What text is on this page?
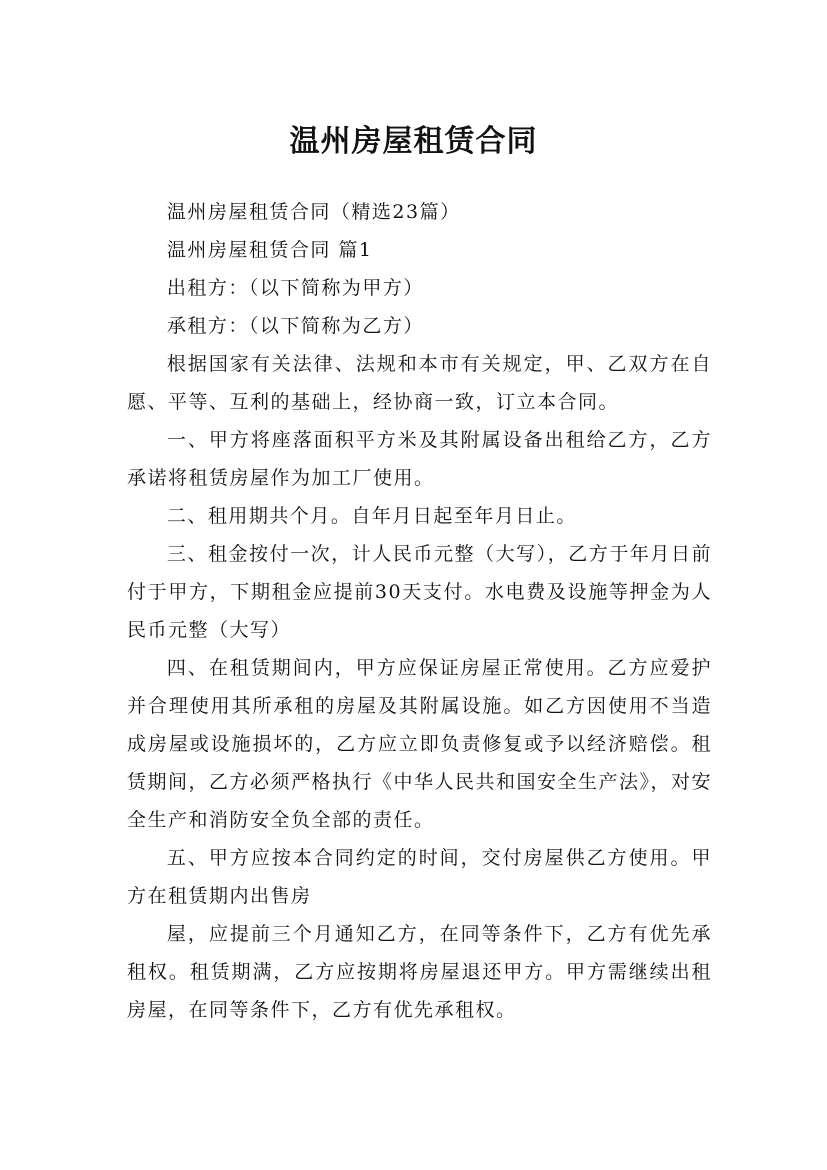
温州房屋租赁合同

温州房屋租赁合同（精选23篇）

温州房屋租赁合同 篇1

出租方：（以下简称为甲方）

承租方：（以下简称为乙方）

根据国家有关法律、法规和本市有关规定，甲、乙双方在自愿、平等、互利的基础上，经协商一致，订立本合同。

一、甲方将座落面积平方米及其附属设备出租给乙方，乙方承诺将租赁房屋作为加工厂使用。

二、租用期共个月。自年月日起至年月日止。

三、租金按付一次，计人民币元整（大写），乙方于年月日前付于甲方，下期租金应提前30天支付。水电费及设施等押金为人民币元整（大写）

四、在租赁期间内，甲方应保证房屋正常使用。乙方应爱护并合理使用其所承租的房屋及其附属设施。如乙方因使用不当造成房屋或设施损坏的，乙方应立即负责修复或予以经济赔偿。租赁期间，乙方必须严格执行《中华人民共和国安全生产法》，对安全生产和消防安全负全部的责任。

五、甲方应按本合同约定的时间，交付房屋供乙方使用。甲方在租赁期内出售房

屋，应提前三个月通知乙方，在同等条件下，乙方有优先承租权。租赁期满，乙方应按期将房屋退还甲方。甲方需继续出租房屋，在同等条件下，乙方有优先承租权。
